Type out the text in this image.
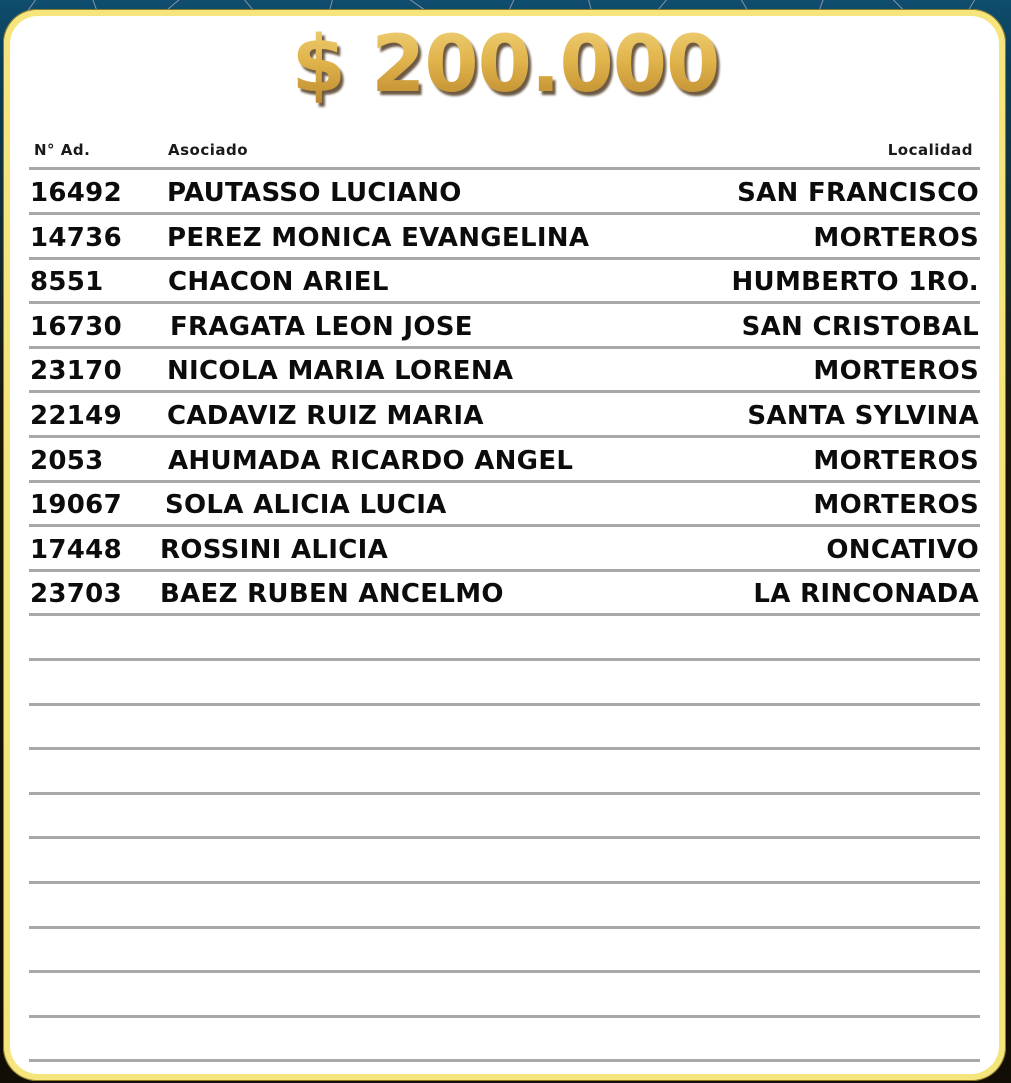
$ 200.000
N° Ad.	Asociado	Localidad
16492 PAUTASSO LUCIANO	SAN FRANCISCO
14736 PEREZ MONICA EVANGELINA	MORTEROS
8551 CHACON ARIEL	HUMBERTO 1RO.
16730 FRAGATA LEON JOSE	SAN CRISTOBAL
23170 NICOLA MARIA LORENA	MORTEROS
22149 CADAVIZ RUIZ MARIA	SANTA SYLVINA
2053 AHUMADA RICARDO ANGEL	MORTEROS
19067 SOLA ALICIA LUCIA	MORTEROS
17448 ROSSINI ALICIA	ONCATIVO
23703 BAEZ RUBEN ANCELMO	LA RINCONADA
